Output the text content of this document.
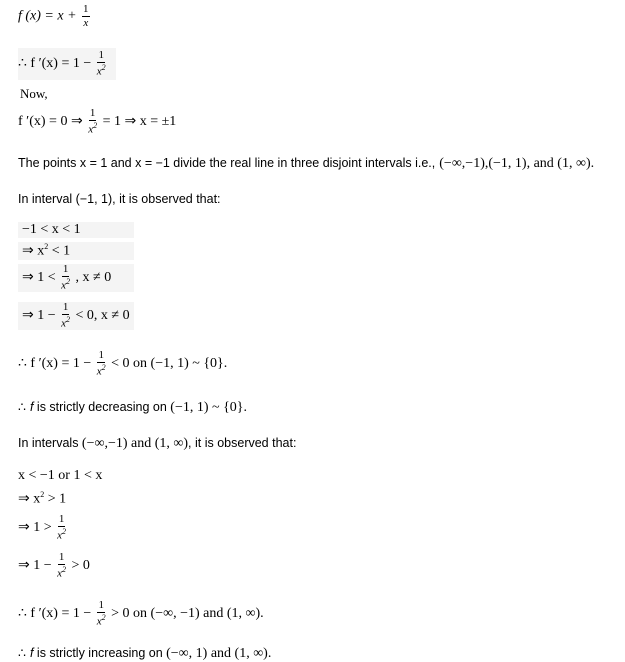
f $(x) = x + \frac{1}{x}$
∴ f $'(x) = 1 - \frac{1}{x^2}$
Now,
f ′(x) = 0 ⇒ $\frac{1}{x^2} = 1$ ⇒ x = ±1
The points x = 1 and x = −1 divide the real line in three disjoint intervals i.e., (−∞,−1),(−1, 1), and (1, ∞).
In interval (−1, 1), it is observed that:
−1 < x < 1
⇒ $x^2 < 1$
⇒ $1 < \frac{1}{x^2}$ , x ≠ 0
⇒ $1 - \frac{1}{x^2} < 0$, x ≠ 0
∴ f $'(x) = 1 - \frac{1}{x^2} < 0$ on (−1, 1) ~ {0}.
∴ f is strictly decreasing on (−1, 1) ~ {0}.
In intervals (−∞,−1) and (1, ∞), it is observed that:
x < −1 or 1 < x
⇒ $x^2 > 1$
⇒ $1 > \frac{1}{x^2}$
⇒ $1 - \frac{1}{x^2} > 0$
∴ f $'(x) = 1 - \frac{1}{x^2} > 0$ on (−∞, −1) and (1, ∞).
∴ f is strictly increasing on (−∞, 1) and (1, ∞).
